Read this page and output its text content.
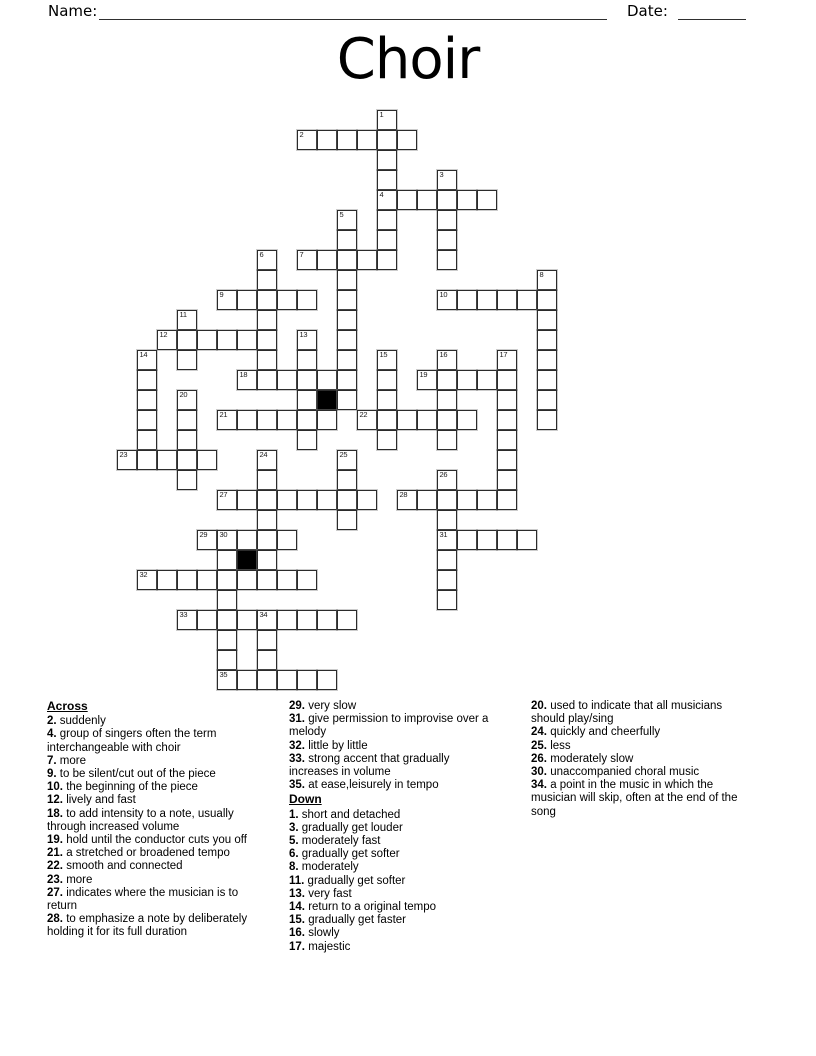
Name:	Date:
Choir
1
2
3
4
5
6	7
8
9	10
11
12	13
14	15	16	17
18	19
20
21	22
23	24	25
26
27	28
29 30	31
32
33	34
35
Across
2. suddenly
4. group of singers often the term interchangeable with choir
7. more
9. to be silent/cut out of the piece
10. the beginning of the piece
12. lively and fast
18. to add intensity to a note, usually through increased volume
19. hold until the conductor cuts you off
21. a stretched or broadened tempo
22. smooth and connected
23. more
27. indicates where the musician is to return
28. to emphasize a note by deliberately holding it for its full duration
29. very slow
31. give permission to improvise over a melody
32. little by little
33. strong accent that gradually increases in volume
35. at ease,leisurely in tempo
Down
1. short and detached
3. gradually get louder
5. moderately fast
6. gradually get softer
8. moderately
11. gradually get softer
13. very fast
14. return to a original tempo
15. gradually get faster
16. slowly
17. majestic
20. used to indicate that all musicians should play/sing
24. quickly and cheerfully
25. less
26. moderately slow
30. unaccompanied choral music
34. a point in the music in which the musician will skip, often at the end of the song
